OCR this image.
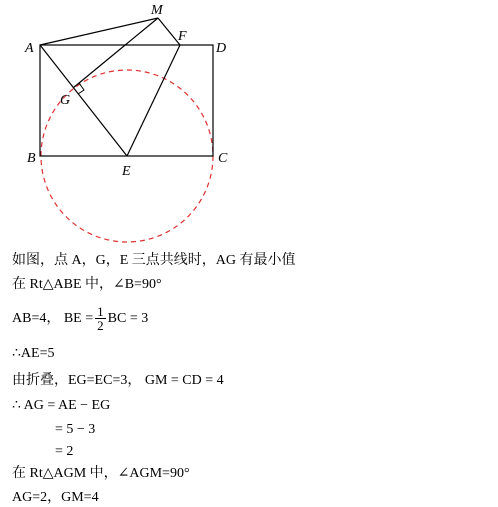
A
B	C
D
E
F
G
M
如图，点 A，G，E 三点共线时，AG 有最小值
在 Rt△ABE 中，∠B=90°
AB=4， BE = $\frac{1}{2}$ BC = 3
∴AE=5
由折叠，EG=EC=3， GM = CD = 4
∴ AG = AE − EG
= 5 − 3
= 2
在 Rt△AGM 中，∠AGM=90°
AG=2，GM=4
